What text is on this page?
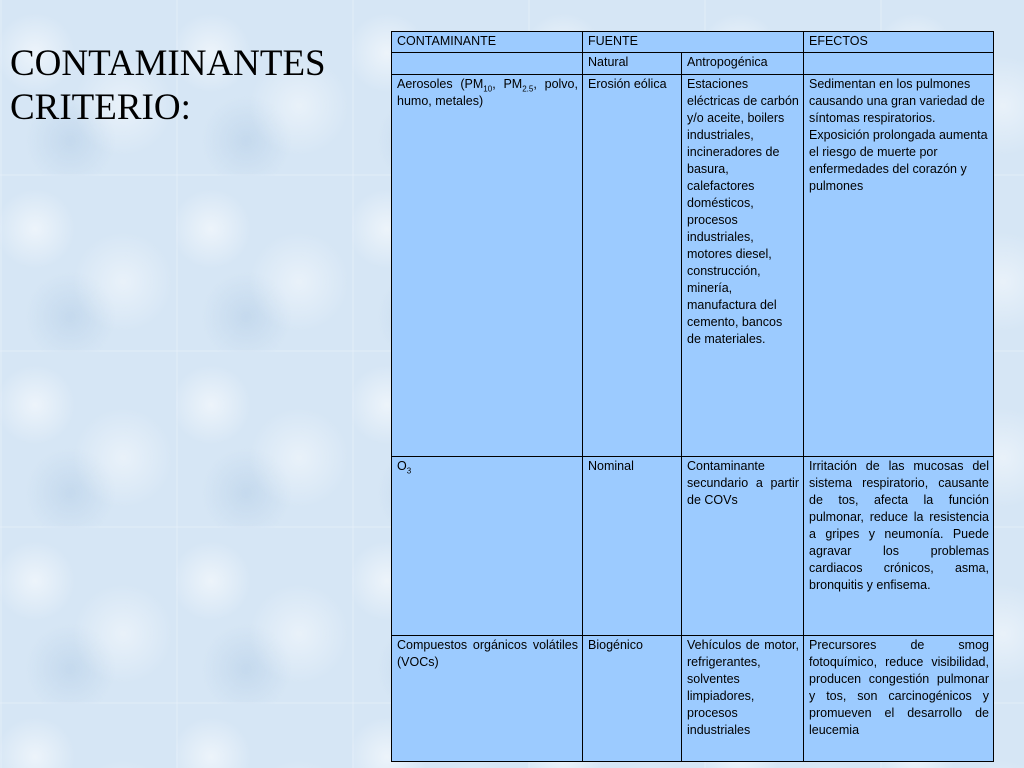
CONTAMINANTES
CRITERIO:
CONTAMINANTE	FUENTE		EFECTOS
	Natural	Antropogénica	
Aerosoles ($PM_{10}$, $PM_{2.5}$, polvo, humo, metales)	Erosión eólica	Estaciones eléctricas de carbón y/o aceite, boilers industriales, incineradores de basura, calefactores domésticos, procesos industriales, motores diesel, construcción, minería, manufactura del cemento, bancos de materiales.	Sedimentan en los pulmones causando una gran variedad de síntomas respiratorios. Exposición prolongada aumenta el riesgo de muerte por enfermedades del corazón y pulmones
$O_3$	Nominal	Contaminante secundario a partir de COVs	Irritación de las mucosas del sistema respiratorio, causante de tos, afecta la función pulmonar, reduce la resistencia a gripes y neumonía. Puede agravar los problemas cardiacos crónicos, asma, bronquitis y enfisema.
Compuestos orgánicos volátiles (VOCs)	Biogénico	Vehículos de motor, refrigerantes, solventes limpiadores, procesos industriales	Precursores de smog fotoquímico, reduce visibilidad, producen congestión pulmonar y tos, son carcinogénicos y promueven el desarrollo de leucemia
